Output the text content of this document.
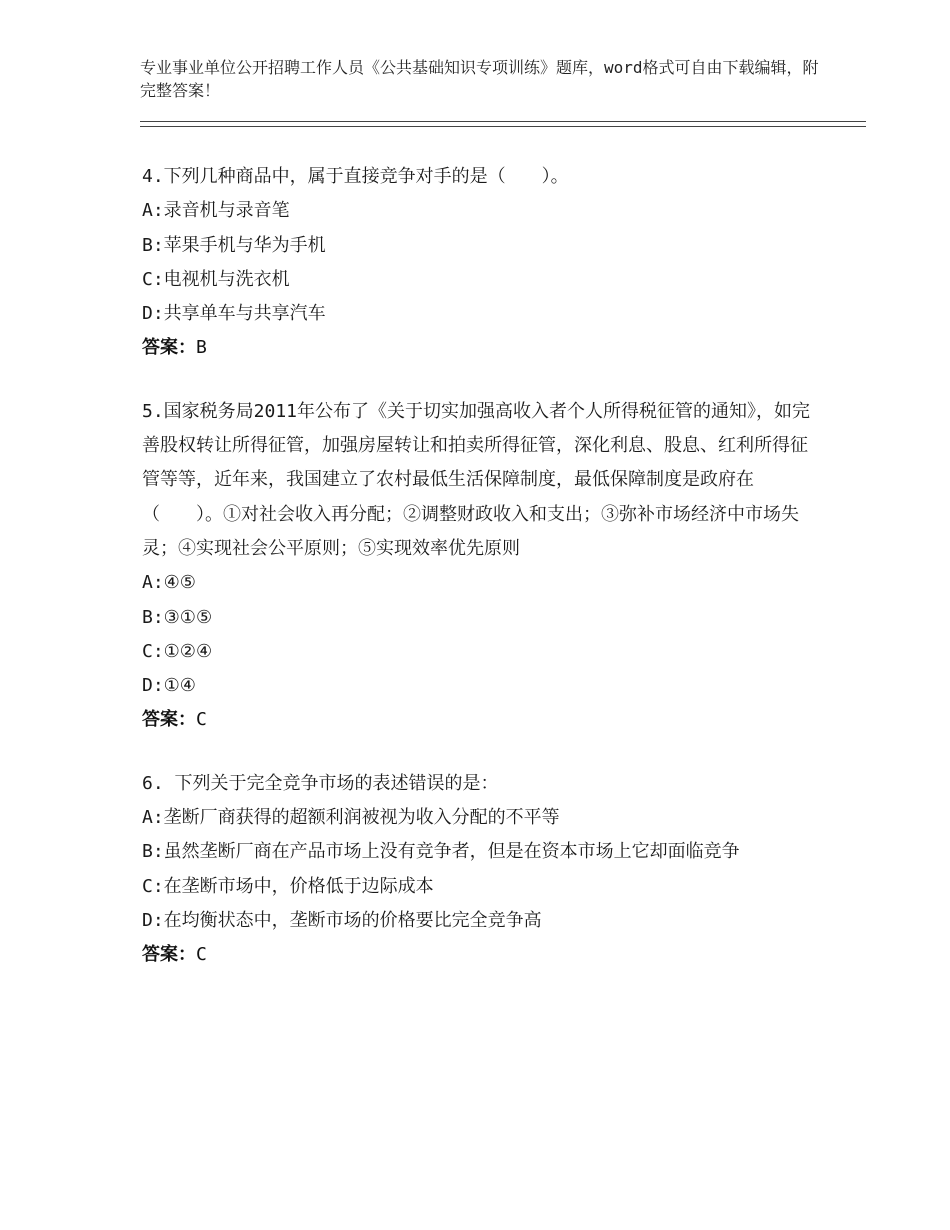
专业事业单位公开招聘工作人员《公共基础知识专项训练》题库，word格式可自由下载编辑，附完整答案！
4.下列几种商品中，属于直接竞争对手的是（　　）。
A:录音机与录音笔
B:苹果手机与华为手机
C:电视机与洗衣机
D:共享单车与共享汽车
答案：B
5.国家税务局2011年公布了《关于切实加强高收入者个人所得税征管的通知》，如完善股权转让所得征管，加强房屋转让和拍卖所得征管，深化利息、股息、红利所得征管等等，近年来，我国建立了农村最低生活保障制度，最低保障制度是政府在（　　）。①对社会收入再分配；②调整财政收入和支出；③弥补市场经济中市场失灵；④实现社会公平原则；⑤实现效率优先原则
A:④⑤
B:③①⑤
C:①②④
D:①④
答案：C
6. 下列关于完全竞争市场的表述错误的是：
A:垄断厂商获得的超额利润被视为收入分配的不平等
B:虽然垄断厂商在产品市场上没有竞争者，但是在资本市场上它却面临竞争
C:在垄断市场中，价格低于边际成本
D:在均衡状态中，垄断市场的价格要比完全竞争高
答案：C
